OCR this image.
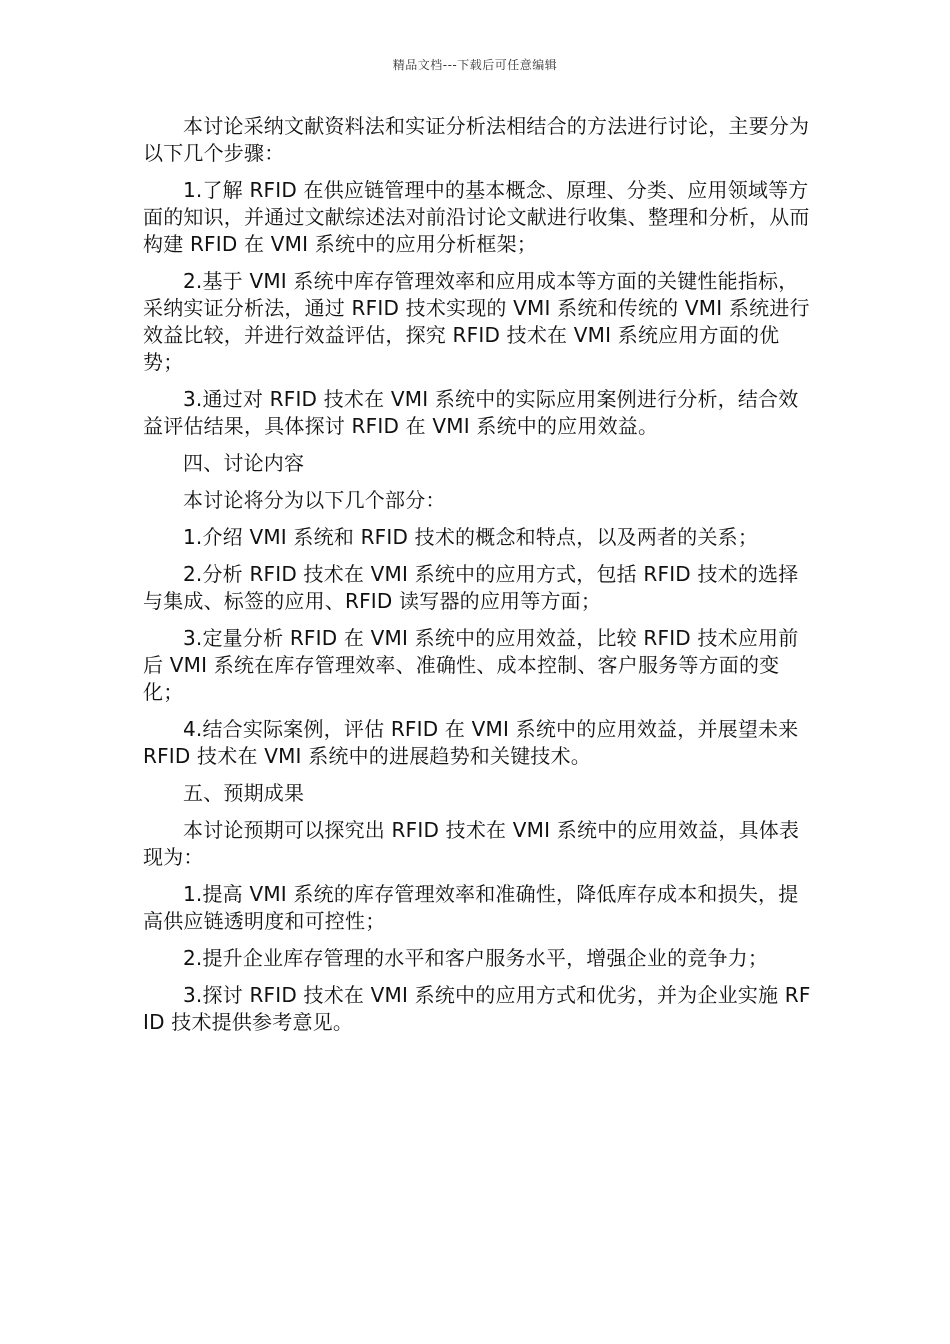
精品文档---下载后可任意编辑

本讨论采纳文献资料法和实证分析法相结合的方法进行讨论，主要分为以下几个步骤：

1.了解 RFID 在供应链管理中的基本概念、原理、分类、应用领域等方面的知识，并通过文献综述法对前沿讨论文献进行收集、整理和分析，从而构建 RFID 在 VMI 系统中的应用分析框架；

2.基于 VMI 系统中库存管理效率和应用成本等方面的关键性能指标，采纳实证分析法，通过 RFID 技术实现的 VMI 系统和传统的 VMI 系统进行效益比较，并进行效益评估，探究 RFID 技术在 VMI 系统应用方面的优势；

3.通过对 RFID 技术在 VMI 系统中的实际应用案例进行分析，结合效益评估结果，具体探讨 RFID 在 VMI 系统中的应用效益。

四、讨论内容

本讨论将分为以下几个部分：

1.介绍 VMI 系统和 RFID 技术的概念和特点，以及两者的关系；

2.分析 RFID 技术在 VMI 系统中的应用方式，包括 RFID 技术的选择与集成、标签的应用、RFID 读写器的应用等方面；

3.定量分析 RFID 在 VMI 系统中的应用效益，比较 RFID 技术应用前后 VMI 系统在库存管理效率、准确性、成本控制、客户服务等方面的变化；

4.结合实际案例，评估 RFID 在 VMI 系统中的应用效益，并展望未来 RFID 技术在 VMI 系统中的进展趋势和关键技术。

五、预期成果

本讨论预期可以探究出 RFID 技术在 VMI 系统中的应用效益，具体表现为：

1.提高 VMI 系统的库存管理效率和准确性，降低库存成本和损失，提高供应链透明度和可控性；

2.提升企业库存管理的水平和客户服务水平，增强企业的竞争力；

3.探讨 RFID 技术在 VMI 系统中的应用方式和优劣，并为企业实施 RFID 技术提供参考意见。
